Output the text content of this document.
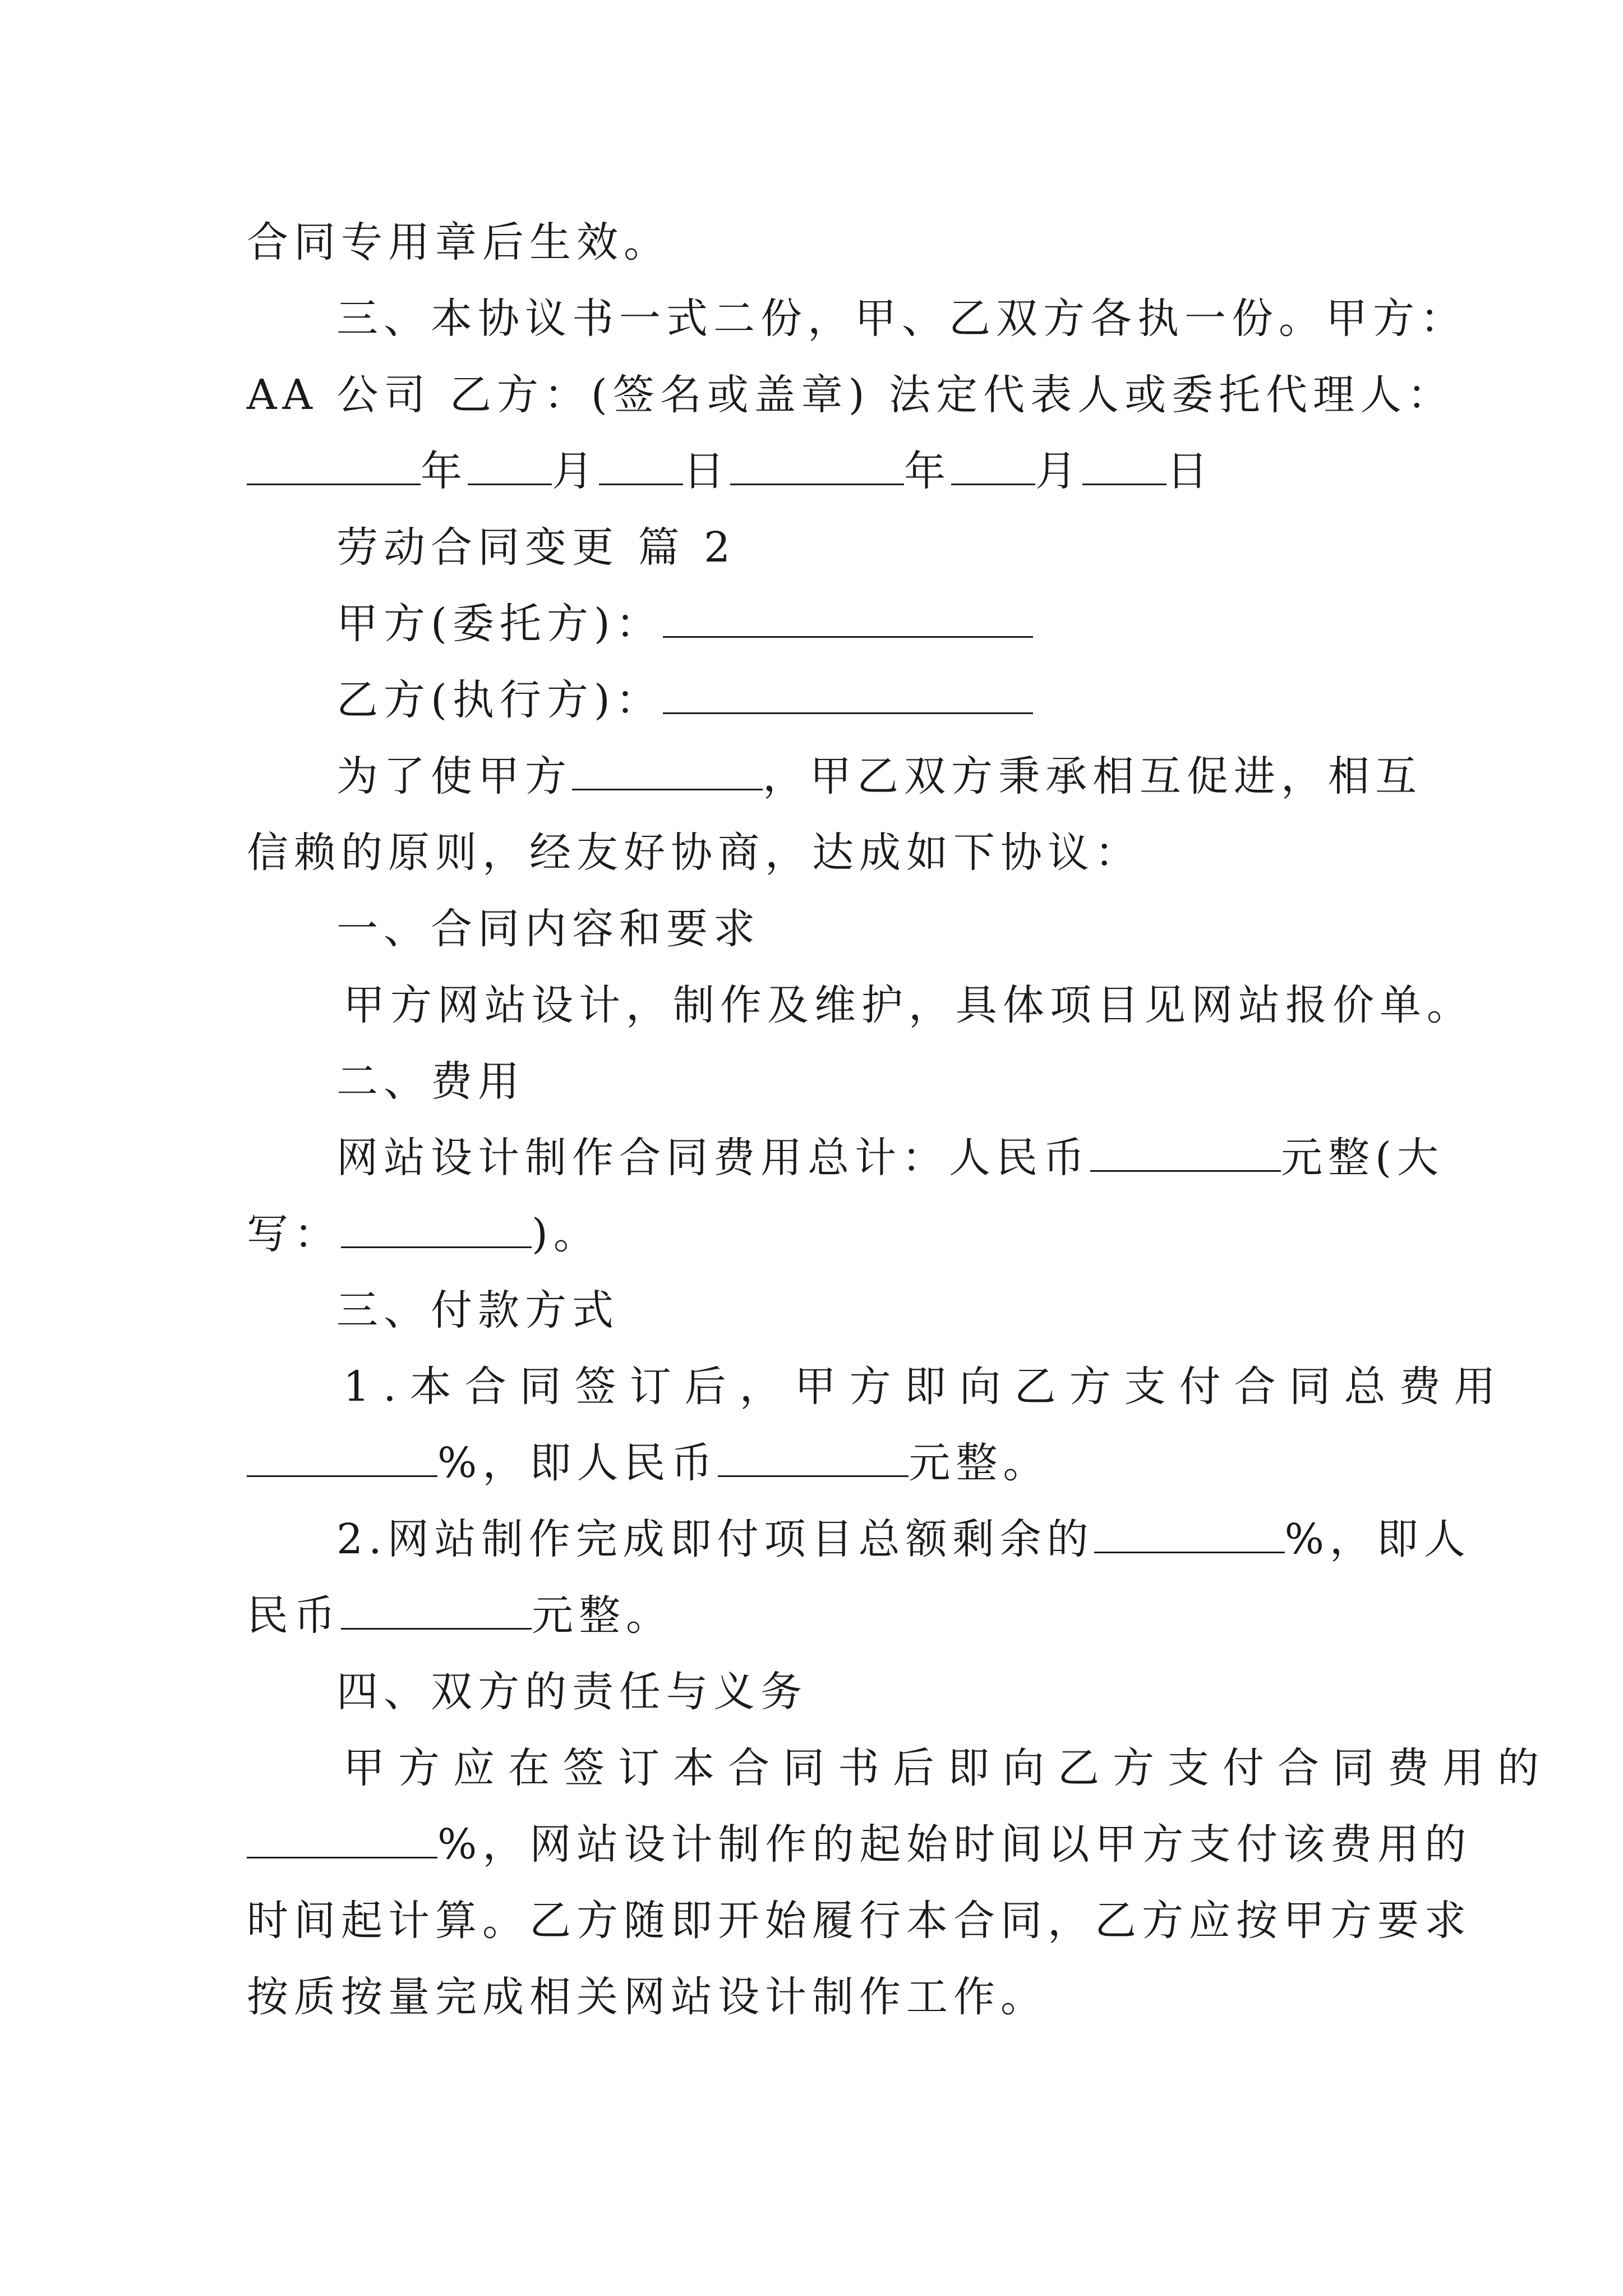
合同专用章后生效。
三、本协议书一式二份，甲、乙双方各执一份。甲方：
AA 公司 乙方：(签名或盖章) 法定代表人或委托代理人：
年 月 日	年 月 日
劳动合同变更 篇 2
甲方(委托方)：
乙方(执行方)：
为了使甲方	，甲乙双方秉承相互促进，相互
信赖的原则，经友好协商，达成如下协议：
一、合同内容和要求
甲方网站设计，制作及维护，具体项目见网站报价单。
二、费用
网站设计制作合同费用总计：人民币	元整(大
写：	)。
三、付款方式
1.本合同签订后，甲方即向乙方支付合同总费用
%，即人民币	元整。
2.网站制作完成即付项目总额剩余的	%，即人
民币	元整。
四、双方的责任与义务
甲方应在签订本合同书后即向乙方支付合同费用的
%，网站设计制作的起始时间以甲方支付该费用的
时间起计算。乙方随即开始履行本合同，乙方应按甲方要求
按质按量完成相关网站设计制作工作。
